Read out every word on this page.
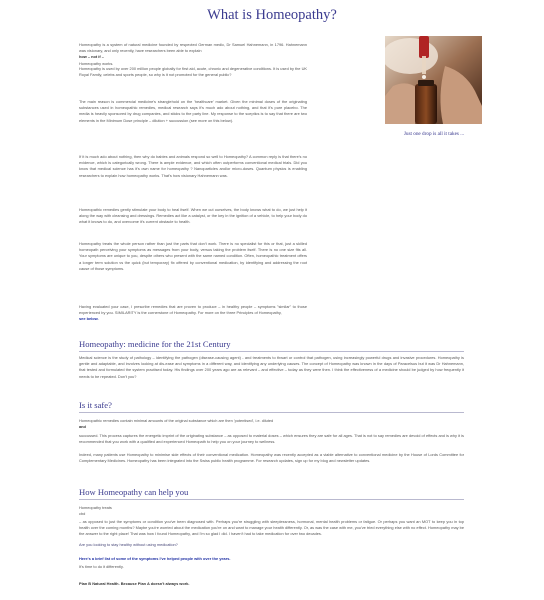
What is Homeopathy?
Homeopathy is a system of natural medicine founded by respected German medic, Dr Samuel Hahnemann, in 1796. Hahnemann was visionary, and only recently, have researchers been able to explain
how – not if –
Homeopathy works.
Homeopathy is used by over 200 million people globally for first aid, acute, chronic and degenerative conditions. It is used by the UK Royal Family, celebs and sports people, so why is it not promoted for the general public?
The main reason is commercial medicine's stranglehold on the 'healthcare' market. Given the minimal doses of the originating substances used in homeopathic remedies, medical research says it's much ado about nothing, and that it's pure placebo. The media is heavily sponsored by drug companies, and sticks to the party line. My response to the sceptics is to say that there are two elements in the Minimum Dose principle – dilution + succussion (see more on this below).
If it is much ado about nothing, then why do babies and animals respond so well to Homeopathy? A common reply is that there's no evidence, which is categorically wrong. There is ample evidence, and which often outperforms conventional medical trials. Did you know that medical science has it's own name for homeopathy ? Nanoparticles and/or micro-doses. Quantum physics is enabling researchers to explain how homeopathy works. That's how visionary Hahnemann was.
Homeopathic remedies gently stimulate your body to heal itself. When we cut ourselves, the body knows what to do, we just help it along the way with cleansing and dressings. Remedies act like a catalyst, or the key in the ignition of a vehicle, to help your body do what it knows to do, and overcome it's current obstacle to health.
Homeopathy treats the whole person rather than just the parts that don't work. There is no specialist for this or that, just a skilled homeopath perceiving your symptoms as messages from your body, versus taking the problem itself. There is no one size fits all. Your symptoms are unique to you, despite others who present with the same named condition. Often, homeopathic treatment offers a longer term solution vs the quick (but temporary) fix offered by conventional medication, by identifying and addressing the root cause of those symptoms.
Having evaluated your case, I prescribe remedies that are proven to produce – in healthy people – symptoms "similar" to those experienced by you. SIMILARITY is the cornerstone of Homeopathy. For more on the three Principles of Homeopathy,
see below.
Just one drop is all it takes ...
Homeopathy: medicine for the 21st Century
Medical science is the study of pathology – identifying the pathogen (disease-causing agent) - and treatments to thwart or control that pathogen, using increasingly powerful drugs and invasive procedures. Homeopathy is gentle and adaptable, and involves looking at dis-ease and symptoms in a different way, and identifying any underlying causes. The concept of Homeopathy was known in the days of Paracelsus but it was Dr Hahnemann, that tested and formulated the system practised today. His findings over 200 years ago are as relevant – and effective – today as they were then. I think the effectiveness of a medicine should be judged by how frequently it needs to be repeated. Don't you?
Is it safe?
Homeopathic remedies contain minimal amounts of the original substance which are then 'potentised', i.e. diluted
and
succussed. This process captures the energetic imprint of the originating substance – as opposed to material doses – which ensures they are safe for all ages. That is not to say remedies are devoid of effects and is why it is recommended that you work with a qualified and experienced Homeopath to help you on your journey to wellness.
Indeed, many patients use Homeopathy to minimise side effects of their conventional medication. Homeopathy was recently accepted as a viable alternative to conventional medicine by the House of Lords Committee for Complementary Medicines. Homeopathy has been integrated into the Swiss public health programme. For research updates, sign up for my blog and newsletter updates.
How Homeopathy can help you
Homeopathy treats
cbd
– as opposed to just the symptoms or condition you've been diagnosed with. Perhaps you're struggling with sleeplessness, hormonal, mental health problems or fatigue. Or perhaps you want an MOT to keep you in top health over the coming months? Maybe you're worried about the medication you're on and want to manage your health differently. Or, as was the case with me, you've tried everything else with no effect. Homeopathy may be the answer to the right place! That was how I found Homeopathy, and I'm so glad I did. I haven't had to take medication for over two decades.
Are you looking to stay healthy without using medication?
Here's a brief list of some of the symptoms I've helped people with over the years.
It's time to do it differently.
Plan B Natural Health. Because Plan A doesn't always work.
